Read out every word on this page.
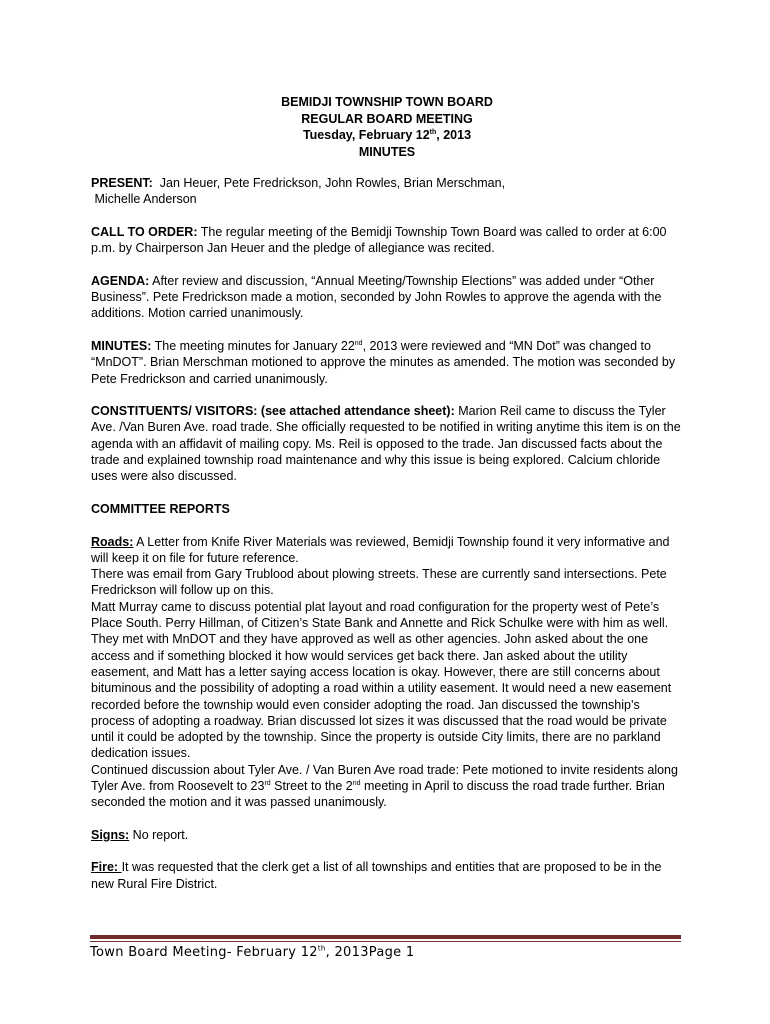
BEMIDJI TOWNSHIP TOWN BOARD
REGULAR BOARD MEETING
Tuesday, February 12th, 2013
MINUTES
PRESENT:  Jan Heuer, Pete Fredrickson, John Rowles, Brian Merschman,
Michelle Anderson
CALL TO ORDER: The regular meeting of the Bemidji Township Town Board was called to order at 6:00 p.m. by Chairperson Jan Heuer and the pledge of allegiance was recited.
AGENDA: After review and discussion, “Annual Meeting/Township Elections” was added under “Other Business”. Pete Fredrickson made a motion, seconded by John Rowles to approve the agenda with the additions. Motion carried unanimously.
MINUTES: The meeting minutes for January 22nd, 2013 were reviewed and “MN Dot” was changed to “MnDOT”. Brian Merschman motioned to approve the minutes as amended. The motion was seconded by Pete Fredrickson and carried unanimously.
CONSTITUENTS/ VISITORS: (see attached attendance sheet): Marion Reil came to discuss the Tyler Ave. /Van Buren Ave. road trade. She officially requested to be notified in writing anytime this item is on the agenda with an affidavit of mailing copy. Ms. Reil is opposed to the trade. Jan discussed facts about the trade and explained township road maintenance and why this issue is being explored. Calcium chloride uses were also discussed.
COMMITTEE REPORTS
Roads: A Letter from Knife River Materials was reviewed, Bemidji Township found it very informative and will keep it on file for future reference.
There was email from Gary Trublood about plowing streets. These are currently sand intersections. Pete Fredrickson will follow up on this.
Matt Murray came to discuss potential plat layout and road configuration for the property west of Pete’s Place South. Perry Hillman, of Citizen’s State Bank and Annette and Rick Schulke were with him as well. They met with MnDOT and they have approved as well as other agencies. John asked about the one access and if something blocked it how would services get back there. Jan asked about the utility easement, and Matt has a letter saying access location is okay. However, there are still concerns about bituminous and the possibility of adopting a road within a utility easement. It would need a new easement recorded before the township would even consider adopting the road. Jan discussed the township’s process of adopting a roadway. Brian discussed lot sizes it was discussed that the road would be private until it could be adopted by the township. Since the property is outside City limits, there are no parkland dedication issues.
Continued discussion about Tyler Ave. / Van Buren Ave road trade: Pete motioned to invite residents along Tyler Ave. from Roosevelt to 23rd Street to the 2nd meeting in April to discuss the road trade further. Brian seconded the motion and it was passed unanimously.
Signs: No report.
Fire: It was requested that the clerk get a list of all townships and entities that are proposed to be in the new Rural Fire District.
Town Board Meeting- February 12th, 2013Page 1
